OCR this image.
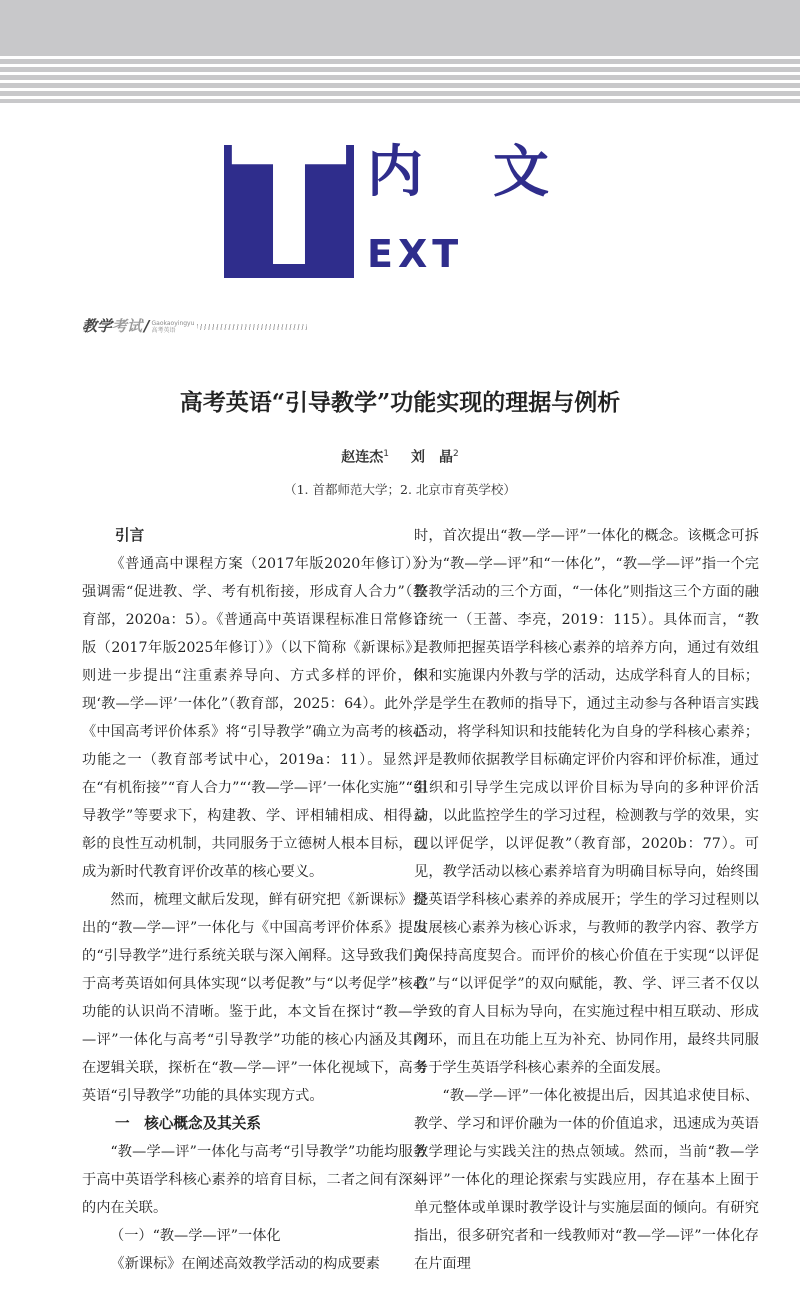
T 内文
EXT
教学考试 / Gaokaoyingyu
高考英语
高考英语“引导教学”功能实现的理据与例析
赵连杰$^1$ 刘　晶$^2$
（1. 首都师范大学；2. 北京市育英学校）
引言

《普通高中课程方案（2017年版2020年修订）》强调需“促进教、学、考有机衔接，形成育人合力”（教育部，2020a：5）。《普通高中英语课程标准日常修订版（2017年版2025年修订）》（以下简称《新课标》）则进一步提出“注重素养导向、方式多样的评价，体现‘教—学—评’一体化”（教育部，2025：64）。此外，《中国高考评价体系》将“引导教学”确立为高考的核心功能之一（教育部考试中心，2019a：11）。显然，在“有机衔接”“育人合力”“‘教—学—评’一体化实施”“引导教学”等要求下，构建教、学、评相辅相成、相得益彰的良性互动机制，共同服务于立德树人根本目标，已成为新时代教育评价改革的核心要义。

然而，梳理文献后发现，鲜有研究把《新课标》提出的“教—学—评”一体化与《中国高考评价体系》提出的“引导教学”进行系统关联与深入阐释。这导致我们关于高考英语如何具体实现“以考促教”与“以考促学”核心功能的认识尚不清晰。鉴于此，本文旨在探讨“教—学—评”一体化与高考“引导教学”功能的核心内涵及其内在逻辑关联，探析在“教—学—评”一体化视域下，高考英语“引导教学”功能的具体实现方式。

一　核心概念及其关系

“教—学—评”一体化与高考“引导教学”功能均服务于高中英语学科核心素养的培育目标，二者之间有深刻的内在关联。

（一）“教—学—评”一体化

《新课标》在阐述高效教学活动的构成要素

时，首次提出“教—学—评”一体化的概念。该概念可拆分为“教—学—评”和“一体化”，“教—学—评”指一个完整教学活动的三个方面，“一体化”则指这三个方面的融合统一（王蔷、李亮，2019：115）。具体而言，“教是教师把握英语学科核心素养的培养方向，通过有效组织和实施课内外教与学的活动，达成学科育人的目标；学是学生在教师的指导下，通过主动参与各种语言实践活动，将学科知识和技能转化为自身的学科核心素养；评是教师依据教学目标确定评价内容和评价标准，通过组织和引导学生完成以评价目标为导向的多种评价活动，以此监控学生的学习过程，检测教与学的效果，实现以评促学，以评促教”（教育部，2020b：77）。可见，教学活动以核心素养培育为明确目标导向，始终围绕英语学科核心素养的养成展开；学生的学习过程则以发展核心素养为核心诉求，与教师的教学内容、教学方向保持高度契合。而评价的核心价值在于实现“以评促教”与“以评促学”的双向赋能，教、学、评三者不仅以一致的育人目标为导向，在实施过程中相互联动、形成闭环，而且在功能上互为补充、协同作用，最终共同服务于学生英语学科核心素养的全面发展。

“教—学—评”一体化被提出后，因其追求使目标、教学、学习和评价融为一体的价值追求，迅速成为英语教学理论与实践关注的热点领域。然而，当前“教—学—评”一体化的理论探索与实践应用，存在基本上囿于单元整体或单课时教学设计与实施层面的倾向。有研究指出，很多研究者和一线教师对“教—学—评”一体化存在片面理
